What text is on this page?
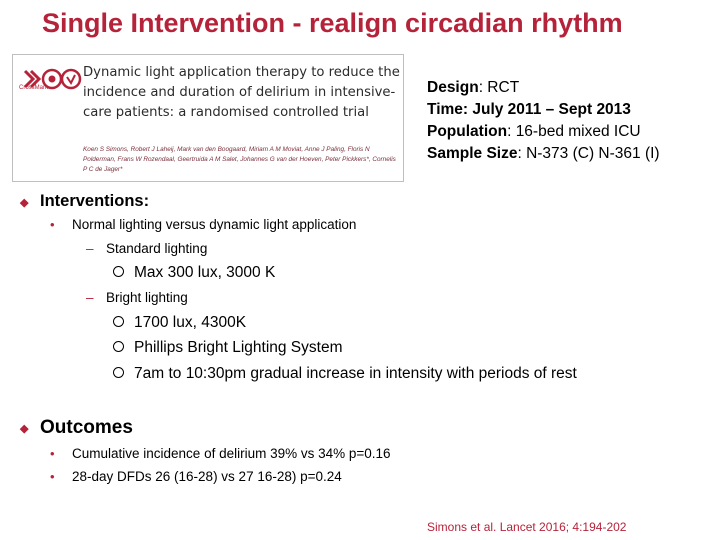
Single Intervention - realign circadian rhythm
CrossMark
Dynamic light application therapy to reduce the incidence and duration of delirium in intensive-care patients: a randomised controlled trial
Koen S Simons, Robert J Laheij, Mark van den Boogaard, Miriam A M Moviat, Anne J Paling, Floris N Polderman, Frans W Rozendaal, Geertruida A M Salet, Johannes G van der Hoeven, Peter Pickkers*, Cornelis P C de Jager*
Design: RCT
Time: July 2011 – Sept 2013
Population: 16-bed mixed ICU
Sample Size: N-373 (C) N-361 (I)
◆ Interventions:
• Normal lighting versus dynamic light application
– Standard lighting
Max 300 lux, 3000 K
– Bright lighting
1700 lux, 4300K
Phillips Bright Lighting System
7am to 10:30pm gradual increase in intensity with periods of rest
◆ Outcomes
• Cumulative incidence of delirium 39% vs 34% p=0.16
• 28-day DFDs 26 (16-28) vs 27 16-28) p=0.24
Simons et al. Lancet 2016; 4:194-202
